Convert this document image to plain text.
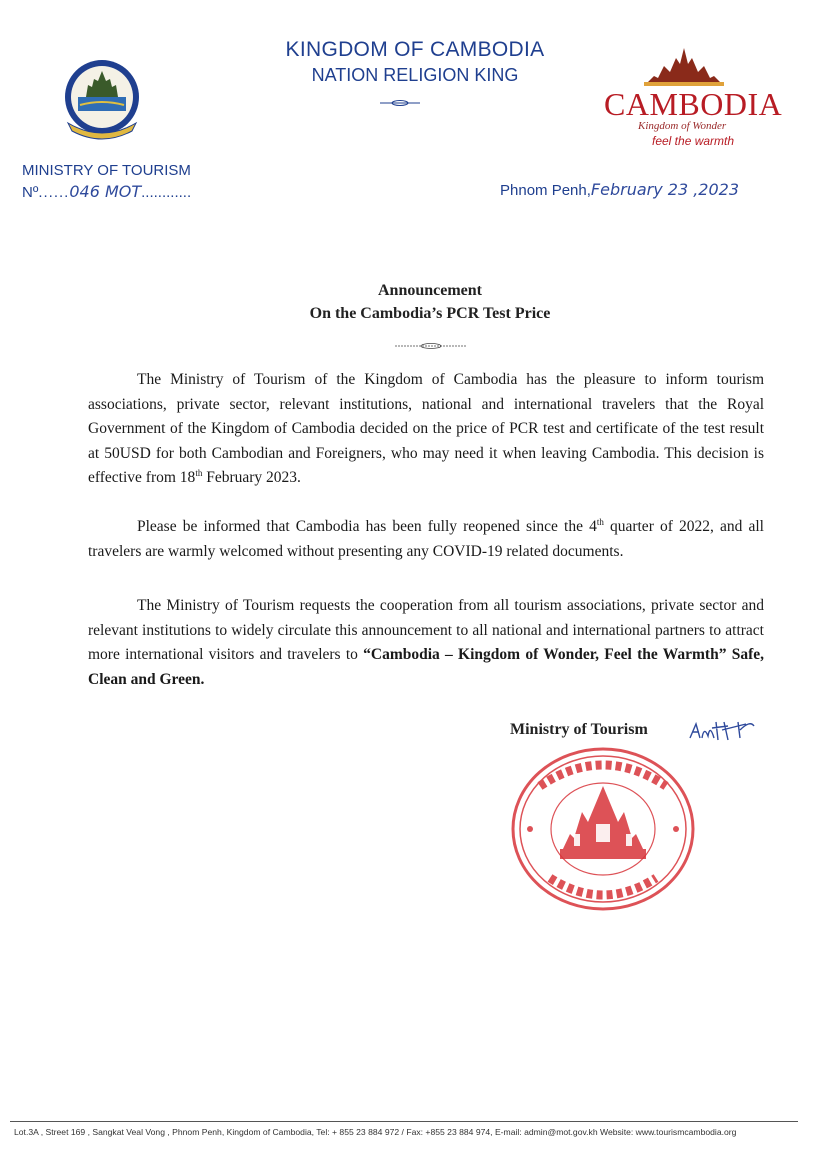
KINGDOM OF CAMBODIA
NATION RELIGION KING
CAMBODIA
Kingdom of Wonder
feel the warmth
MINISTRY OF TOURISM
Nº......046 MOT............	Phnom Penh,February 23 ,2023
Announcement
On the Cambodia’s PCR Test Price
The Ministry of Tourism of the Kingdom of Cambodia has the pleasure to inform tourism associations, private sector, relevant institutions, national and international travelers that the Royal Government of the Kingdom of Cambodia decided on the price of PCR test and certificate of the test result at 50USD for both Cambodian and Foreigners, who may need it when leaving Cambodia. This decision is effective from 18th February 2023.
Please be informed that Cambodia has been fully reopened since the 4th quarter of 2022, and all travelers are warmly welcomed without presenting any COVID-19 related documents.
The Ministry of Tourism requests the cooperation from all tourism associations, private sector and relevant institutions to widely circulate this announcement to all national and international partners to attract more international visitors and travelers to “Cambodia – Kingdom of Wonder, Feel the Warmth” Safe, Clean and Green.
Ministry of Tourism
Lot.3A , Street 169 , Sangkat Veal Vong , Phnom Penh, Kingdom of Cambodia, Tel: + 855 23 884 972 / Fax: +855 23 884 974, E-mail: admin@mot.gov.kh Website: www.tourismcambodia.org
